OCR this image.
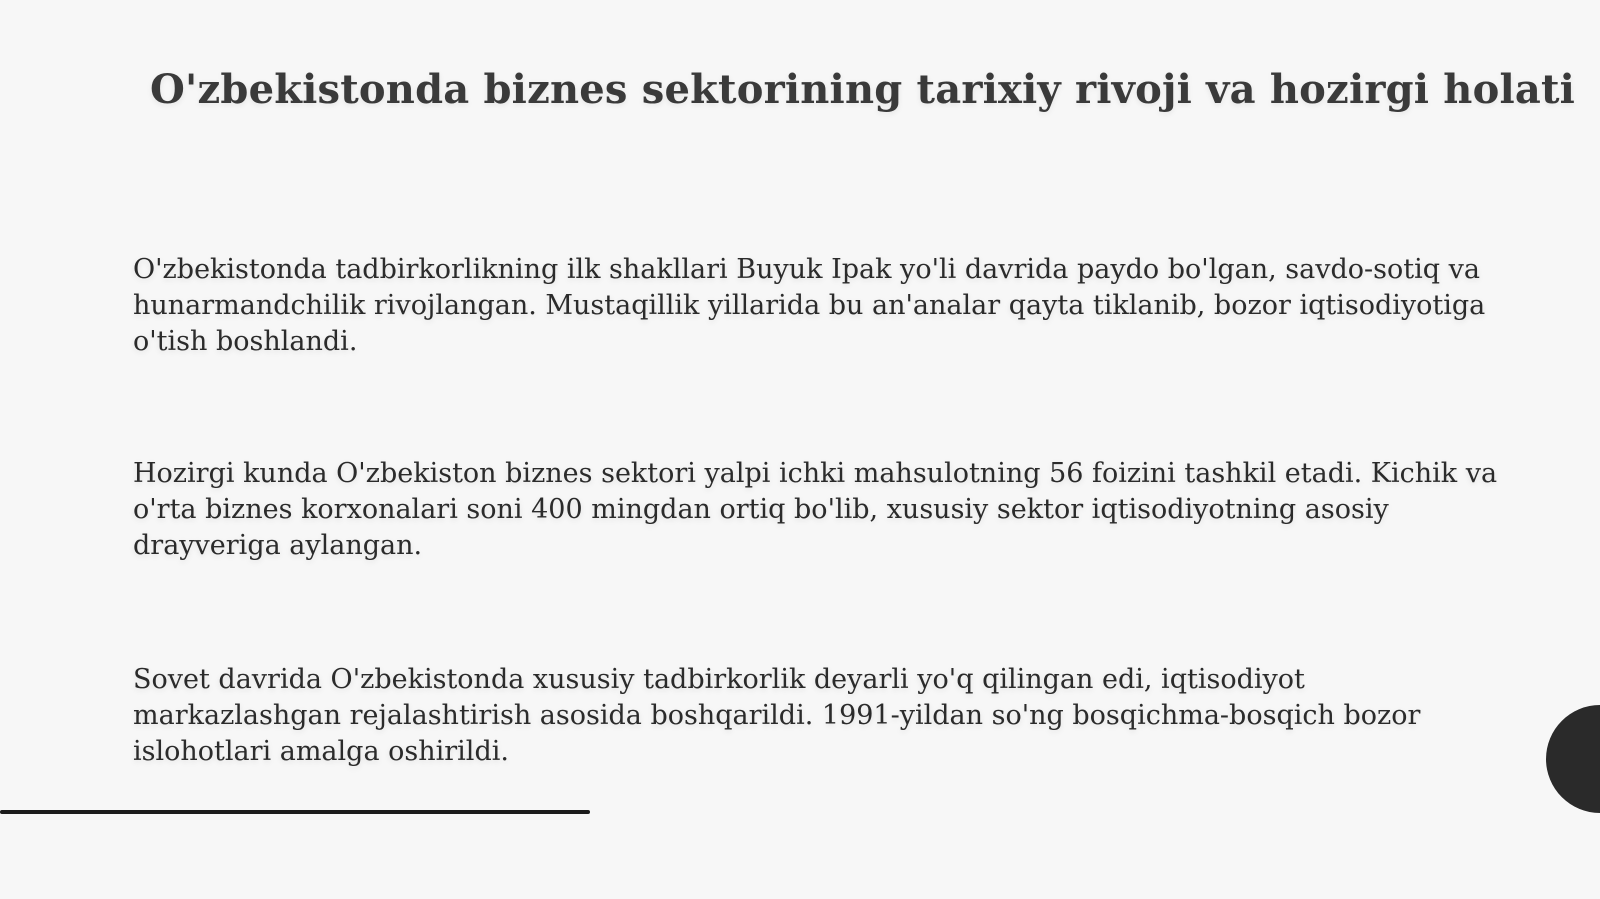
O'zbekistonda biznes sektorining tarixiy rivoji va hozirgi holati
O'zbekistonda tadbirkorlikning ilk shakllari Buyuk Ipak yo'li davrida paydo bo'lgan, savdo-sotiq va hunarmandchilik rivojlangan. Mustaqillik yillarida bu an'analar qayta tiklanib, bozor iqtisodiyotiga o'tish boshlandi.
Hozirgi kunda O'zbekiston biznes sektori yalpi ichki mahsulotning 56 foizini tashkil etadi. Kichik va o'rta biznes korxonalari soni 400 mingdan ortiq bo'lib, xususiy sektor iqtisodiyotning asosiy drayveriga aylangan.
Sovet davrida O'zbekistonda xususiy tadbirkorlik deyarli yo'q qilingan edi, iqtisodiyot markazlashgan rejalashtirish asosida boshqarildi. 1991-yildan so'ng bosqichma-bosqich bozor islohotlari amalga oshirildi.
